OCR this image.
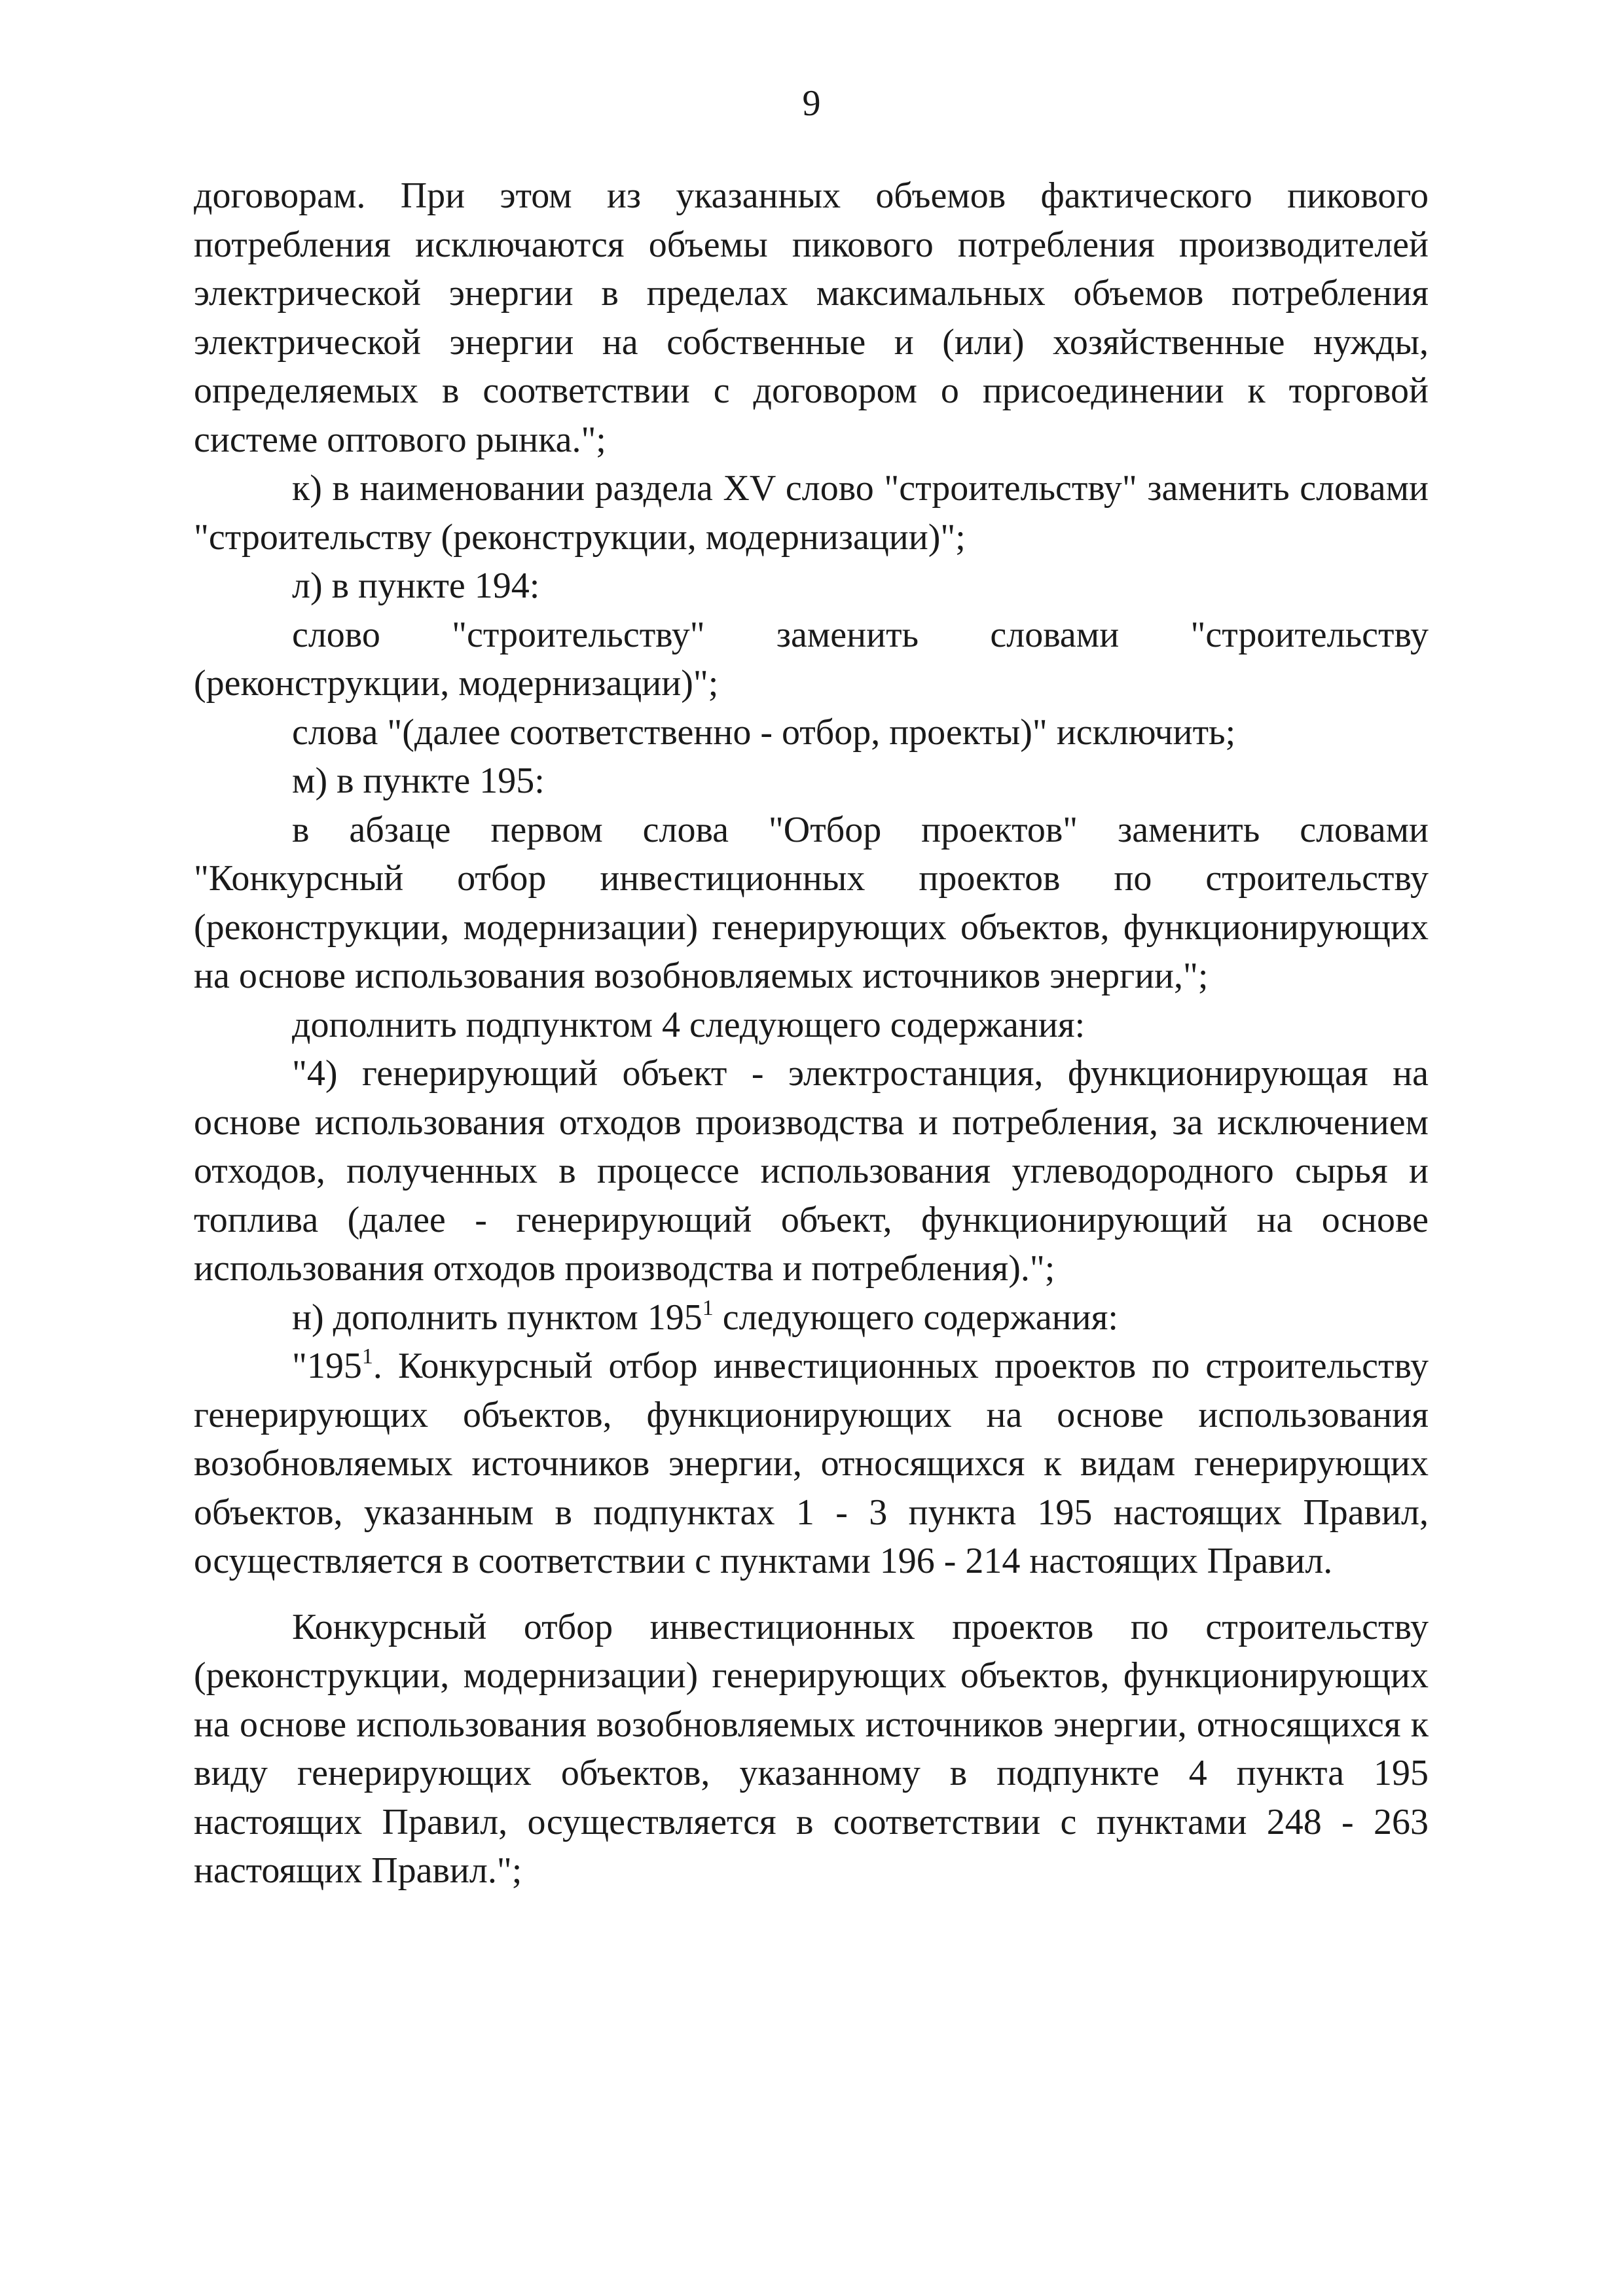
9

договорам. При этом из указанных объемов фактического пикового потребления исключаются объемы пикового потребления производителей электрической энергии в пределах максимальных объемов потребления электрической энергии на собственные и (или) хозяйственные нужды, определяемых в соответствии с договором о присоединении к торговой системе оптового рынка.";

к) в наименовании раздела XV слово "строительству" заменить словами "строительству (реконструкции, модернизации)";

л) в пункте 194:

слово "строительству" заменить словами "строительству (реконструкции, модернизации)";

слова "(далее соответственно - отбор, проекты)" исключить;

м) в пункте 195:

в абзаце первом слова "Отбор проектов" заменить словами "Конкурсный отбор инвестиционных проектов по строительству (реконструкции, модернизации) генерирующих объектов, функционирующих на основе использования возобновляемых источников энергии,";

дополнить подпунктом 4 следующего содержания:

"4) генерирующий объект - электростанция, функционирующая на основе использования отходов производства и потребления, за исключением отходов, полученных в процессе использования углеводородного сырья и топлива (далее - генерирующий объект, функционирующий на основе использования отходов производства и потребления).";

н) дополнить пунктом $195^1$ следующего содержания:

"$195^1$. Конкурсный отбор инвестиционных проектов по строительству генерирующих объектов, функционирующих на основе использования возобновляемых источников энергии, относящихся к видам генерирующих объектов, указанным в подпунктах 1 - 3 пункта 195 настоящих Правил, осуществляется в соответствии с пунктами 196 - 214 настоящих Правил.

Конкурсный отбор инвестиционных проектов по строительству (реконструкции, модернизации) генерирующих объектов, функционирующих на основе использования возобновляемых источников энергии, относящихся к виду генерирующих объектов, указанному в подпункте 4 пункта 195 настоящих Правил, осуществляется в соответствии с пунктами 248 - 263 настоящих Правил.";
